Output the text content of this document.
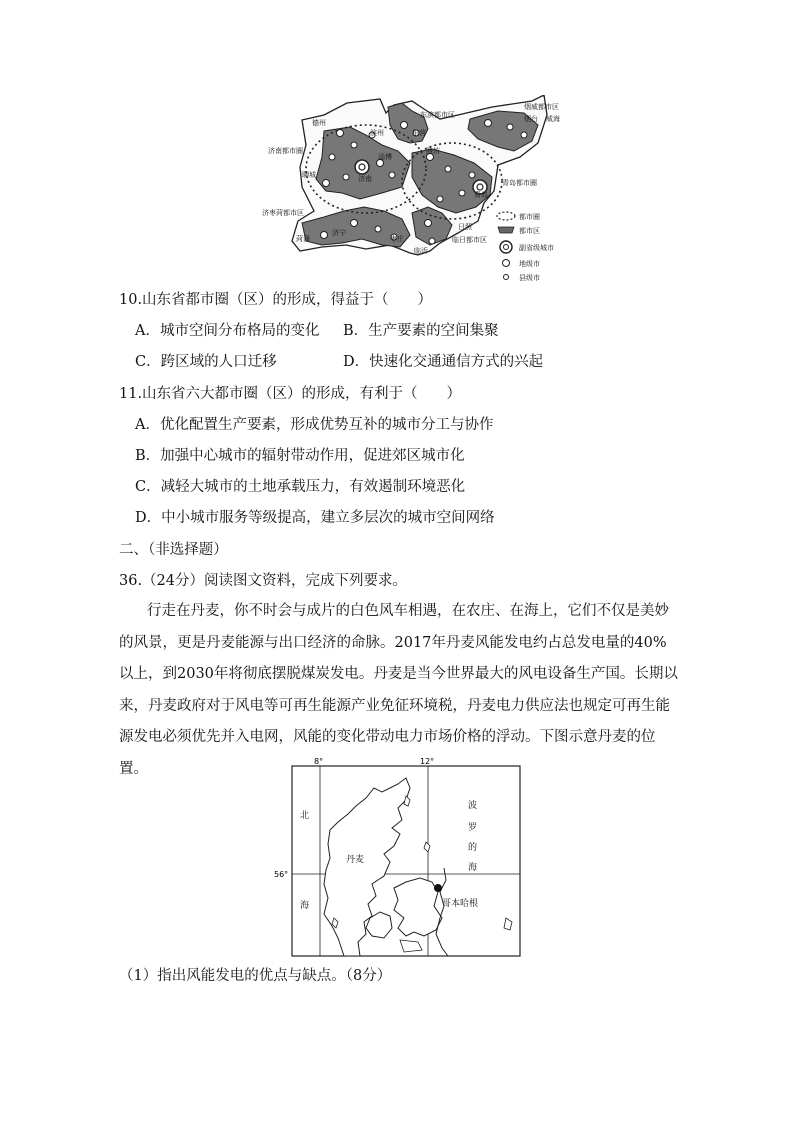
德州
济南都市圈
东滨都市区
滨州	东营
烟威都市区
烟台 威海
淄博
潍坊
聊城	济南	青岛都市圈
青岛
济枣菏都市区
菏泽
济宁
枣庄
日照
临日都市区
临沂
都市圈
都市区
副省级城市
地级市
县级市
10.山东省都市圈（区）的形成，得益于（　　）
A．城市空间分布格局的变化 B．生产要素的空间集聚
C．跨区域的人口迁移	D．快速化交通通信方式的兴起
11.山东省六大都市圈（区）的形成，有利于（　　）
A．优化配置生产要素，形成优势互补的城市分工与协作
B．加强中心城市的辐射带动作用，促进郊区城市化
C．减轻大城市的土地承载压力，有效遏制环境恶化
D．中小城市服务等级提高，建立多层次的城市空间网络
二、（非选择题）
36.（24分）阅读图文资料，完成下列要求。
行走在丹麦，你不时会与成片的白色风车相遇，在农庄、在海上，它们不仅是美妙的风景，更是丹麦能源与出口经济的命脉。2017年丹麦风能发电约占总发电量的40%以上，到2030年将彻底摆脱煤炭发电。丹麦是当今世界最大的风电设备生产国。长期以来，丹麦政府对于风电等可再生能源产业免征环境税，丹麦电力供应法也规定可再生能源发电必须优先并入电网，风能的变化带动电力市场价格的浮动。下图示意丹麦的位置。	8°	12°
56°
北
海
波
罗
的
海
丹麦
哥本哈根
（1）指出风能发电的优点与缺点。（8分）
